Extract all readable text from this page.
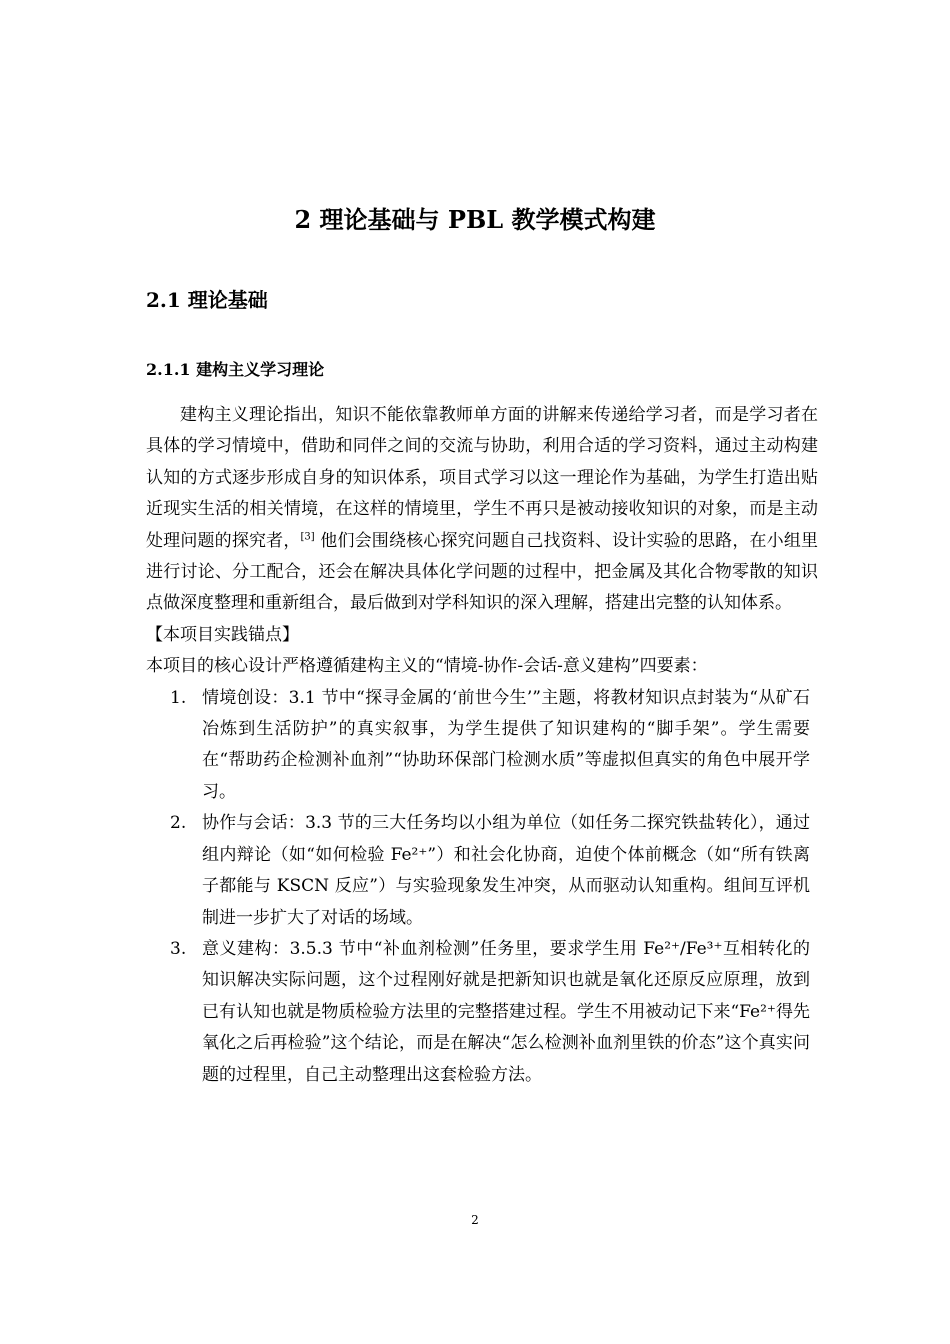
2 理论基础与 PBL 教学模式构建
2.1 理论基础
2.1.1 建构主义学习理论

建构主义理论指出，知识不能依靠教师单方面的讲解来传递给学习者，而是学习者在具体的学习情境中，借助和同伴之间的交流与协助，利用合适的学习资料，通过主动构建认知的方式逐步形成自身的知识体系，项目式学习以这一理论作为基础，为学生打造出贴近现实生活的相关情境，在这样的情境里，学生不再只是被动接收知识的对象，而是主动处理问题的探究者，[3] 他们会围绕核心探究问题自己找资料、设计实验的思路，在小组里进行讨论、分工配合，还会在解决具体化学问题的过程中，把金属及其化合物零散的知识点做深度整理和重新组合，最后做到对学科知识的深入理解，搭建出完整的认知体系。

【本项目实践锚点】

本项目的核心设计严格遵循建构主义的“情境-协作-会话-意义建构”四要素：

1. 情境创设：3.1 节中“探寻金属的‘前世今生’”主题，将教材知识点封装为“从矿石冶炼到生活防护”的真实叙事，为学生提供了知识建构的“脚手架”。学生需要在“帮助药企检测补血剂”“协助环保部门检测水质”等虚拟但真实的角色中展开学习。
2. 协作与会话：3.3 节的三大任务均以小组为单位（如任务二探究铁盐转化），通过组内辩论（如“如何检验 Fe²⁺”）和社会化协商，迫使个体前概念（如“所有铁离子都能与 KSCN 反应”）与实验现象发生冲突，从而驱动认知重构。组间互评机制进一步扩大了对话的场域。
3. 意义建构：3.5.3 节中“补血剂检测”任务里，要求学生用 Fe²⁺/Fe³⁺互相转化的知识解决实际问题，这个过程刚好就是把新知识也就是氧化还原反应原理，放到已有认知也就是物质检验方法里的完整搭建过程。学生不用被动记下来“Fe²⁺得先氧化之后再检验”这个结论，而是在解决“怎么检测补血剂里铁的价态”这个真实问题的过程里，自己主动整理出这套检验方法。
2
